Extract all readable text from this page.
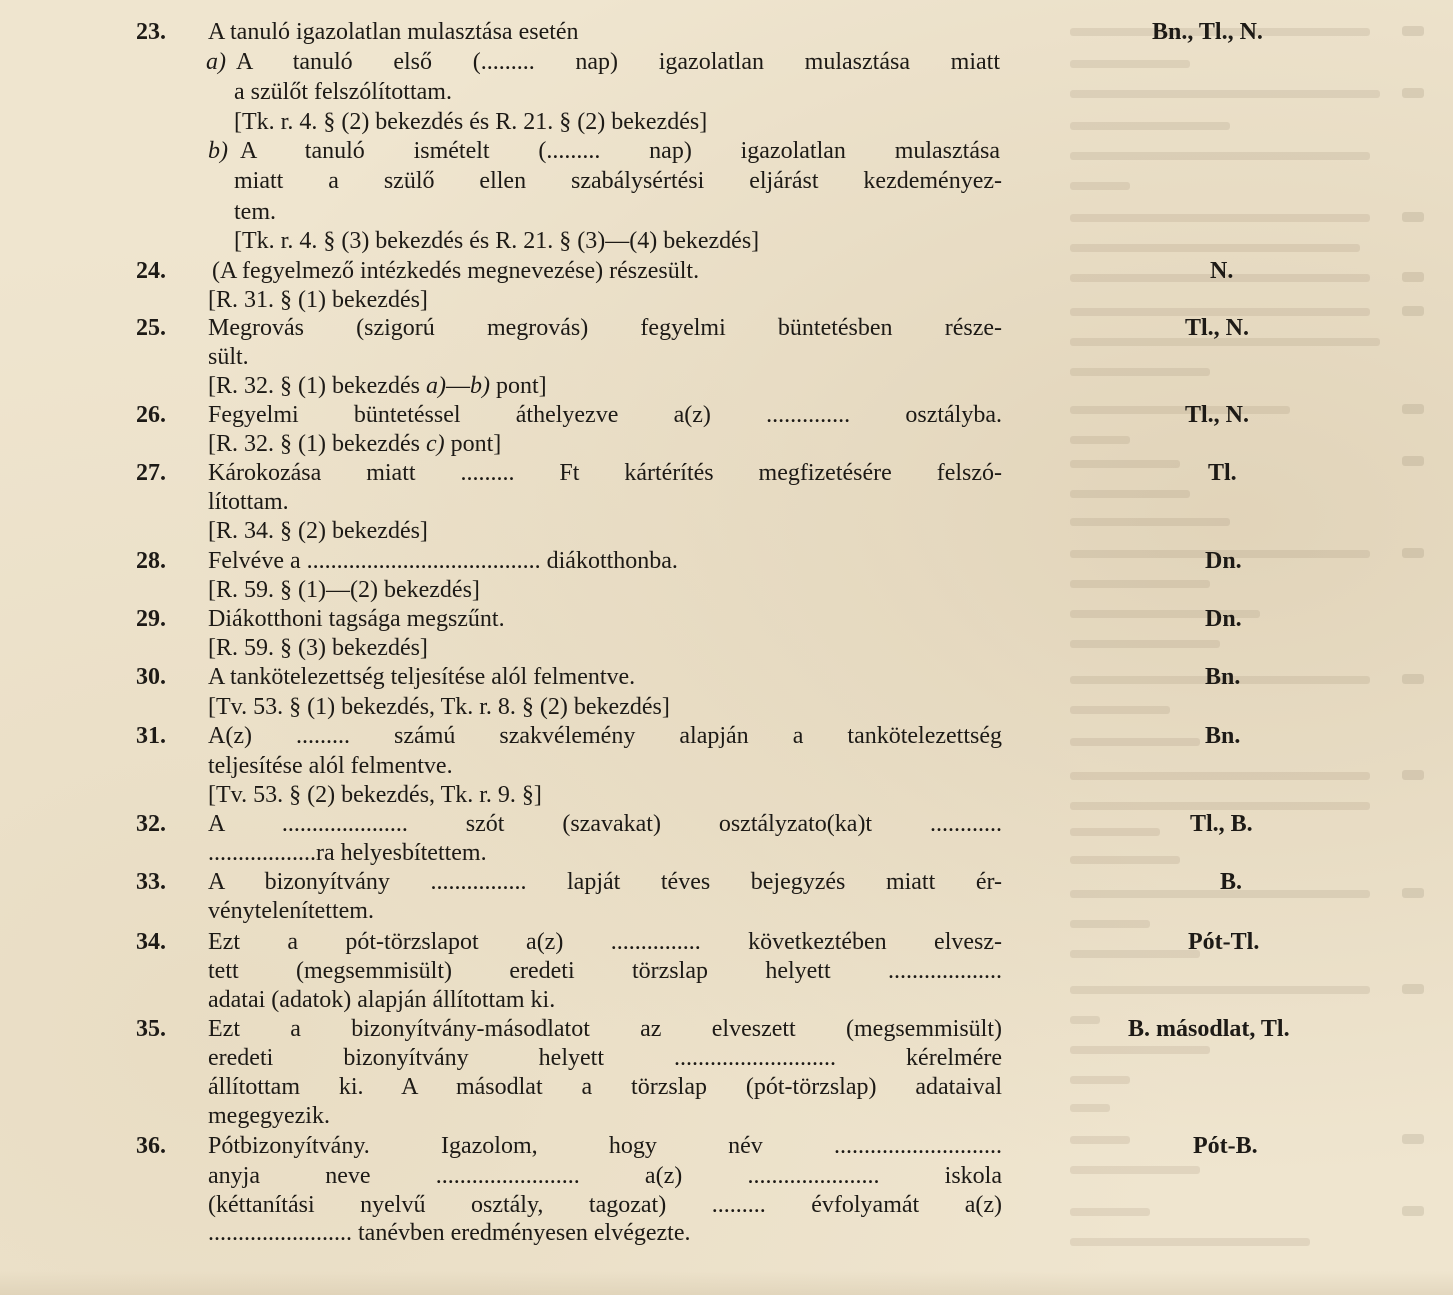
23.	A tanuló igazolatlan mulasztása esetén	Bn., Tl., N.
a) A tanuló első (......... nap) igazolatlan mulasztása miatt
a szülőt felszólítottam.
[Tk. r. 4. § (2) bekezdés és R. 21. § (2) bekezdés]
b) A tanuló ismételt (......... nap) igazolatlan mulasztása
miatt a szülő ellen szabálysértési eljárást kezdeményez-
tem.
[Tk. r. 4. § (3) bekezdés és R. 21. § (3)—(4) bekezdés]
24.	(A fegyelmező intézkedés megnevezése) részesült.	N.
[R. 31. § (1) bekezdés]
25.	Megrovás (szigorú megrovás) fegyelmi büntetésben része-	Tl., N.
sült.
[R. 32. § (1) bekezdés a)—b) pont]
26.	Fegyelmi büntetéssel áthelyezve a(z) .............. osztályba.	Tl., N.
[R. 32. § (1) bekezdés c) pont]
27.	Károkozása miatt ......... Ft kártérítés megfizetésére felszó-	Tl.
lítottam.
[R. 34. § (2) bekezdés]
28.	Felvéve a ....................................... diákotthonba.	Dn.
[R. 59. § (1)—(2) bekezdés]
29.	Diákotthoni tagsága megszűnt.	Dn.
[R. 59. § (3) bekezdés]
30.	A tankötelezettség teljesítése alól felmentve.	Bn.
[Tv. 53. § (1) bekezdés, Tk. r. 8. § (2) bekezdés]
31.	A(z) ......... számú szakvélemény alapján a tankötelezettség	Bn.
teljesítése alól felmentve.
[Tv. 53. § (2) bekezdés, Tk. r. 9. §]
32.	A ..................... szót (szavakat) osztályzato(ka)t ............	Tl., B.
..................ra helyesbítettem.
33.	A bizonyítvány ................ lapját téves bejegyzés miatt ér-	B.
vénytelenítettem.
34.	Ezt a pót-törzslapot a(z) ............... következtében elvesz-	Pót-Tl.
tett (megsemmisült) eredeti törzslap helyett ...................
adatai (adatok) alapján állítottam ki.
35.	Ezt a bizonyítvány-másodlatot az elveszett (megsemmisült)	B. másodlat, Tl.
eredeti bizonyítvány helyett ........................... kérelmére
állítottam ki. A másodlat a törzslap (pót-törzslap) adataival
megegyezik.
36.	Pótbizonyítvány. Igazolom, hogy név ............................	Pót-B.
anyja neve ........................ a(z) ...................... iskola
(kéttanítási nyelvű osztály, tagozat) ......... évfolyamát a(z)
........................ tanévben eredményesen elvégezte.
